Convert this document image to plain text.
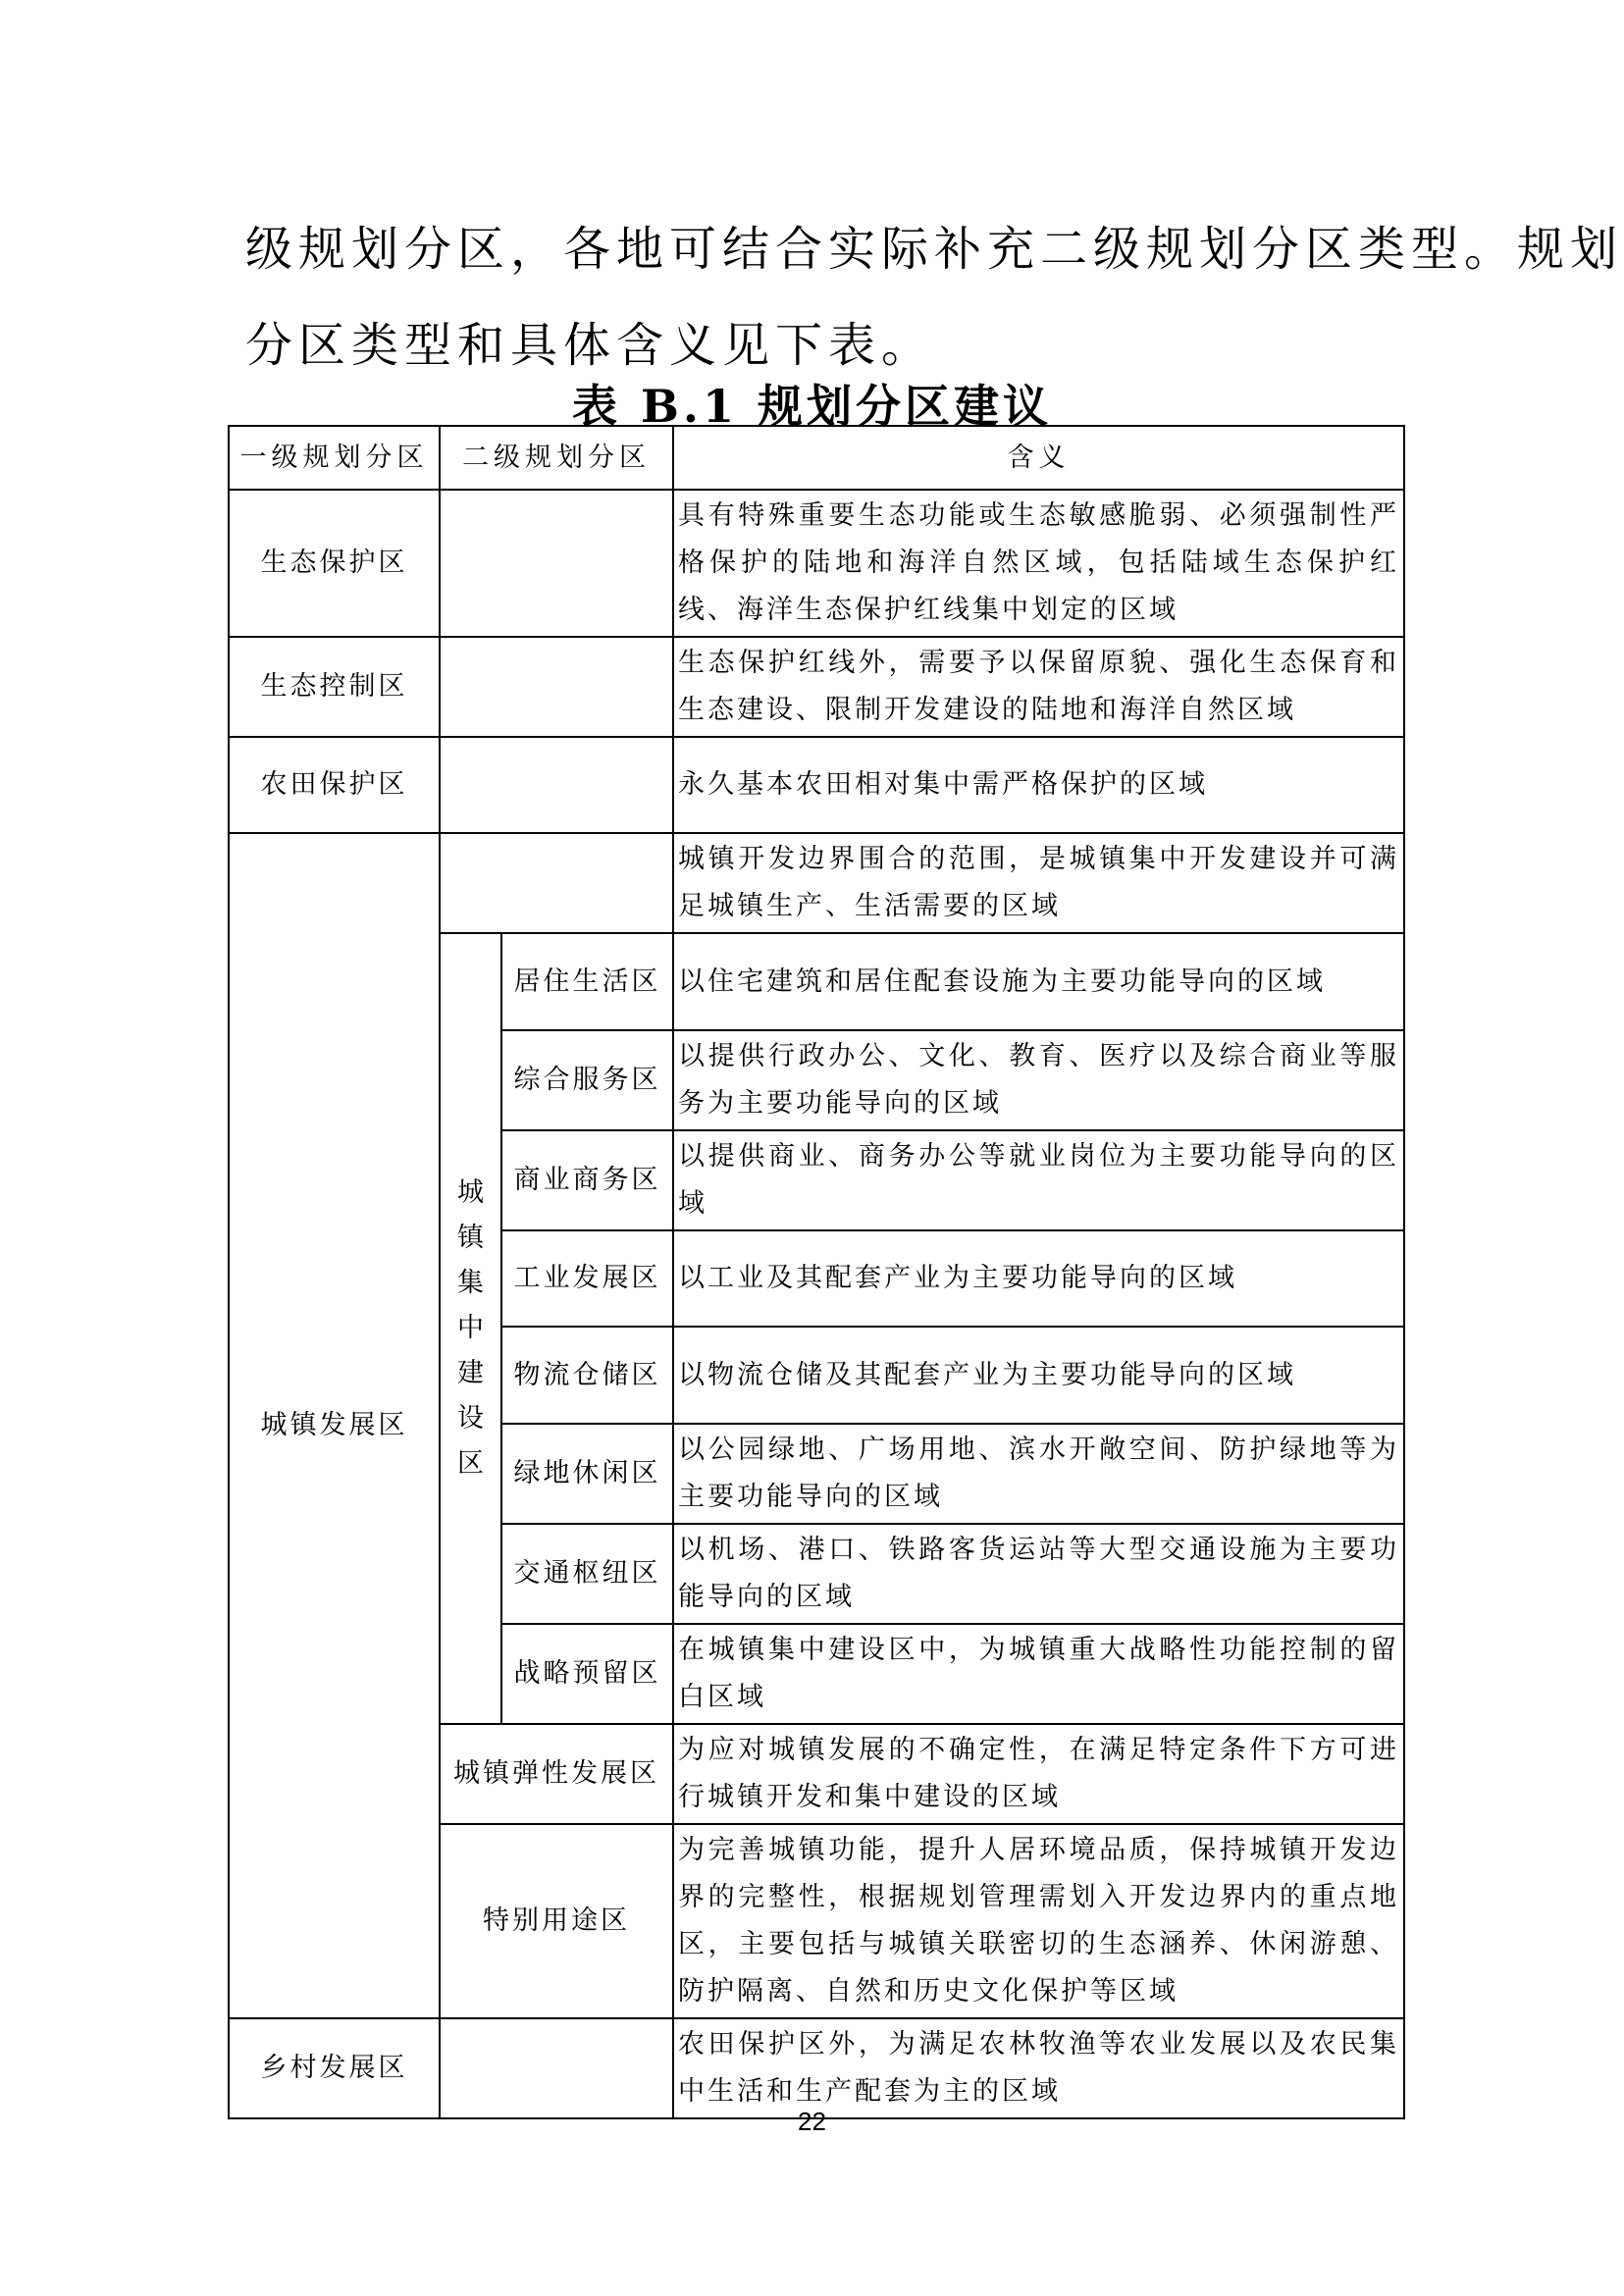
级规划分区，各地可结合实际补充二级规划分区类型。规划
分区类型和具体含义见下表。
表 B.1 规划分区建议
一级规划分区	二级规划分区		含义
生态保护区			具有特殊重要生态功能或生态敏感脆弱、必须强制性严格保护的陆地和海洋自然区域，包括陆域生态保护红线、海洋生态保护红线集中划定的区域
生态控制区			生态保护红线外，需要予以保留原貌、强化生态保育和生态建设、限制开发建设的陆地和海洋自然区域
农田保护区			永久基本农田相对集中需严格保护的区域
城镇发展区			城镇开发边界围合的范围，是城镇集中开发建设并可满足城镇生产、生活需要的区域
	城镇集中建设区	居住生活区	以住宅建筑和居住配套设施为主要功能导向的区域
		综合服务区	以提供行政办公、文化、教育、医疗以及综合商业等服务为主要功能导向的区域
		商业商务区	以提供商业、商务办公等就业岗位为主要功能导向的区域
		工业发展区	以工业及其配套产业为主要功能导向的区域
		物流仓储区	以物流仓储及其配套产业为主要功能导向的区域
		绿地休闲区	以公园绿地、广场用地、滨水开敞空间、防护绿地等为主要功能导向的区域
		交通枢纽区	以机场、港口、铁路客货运站等大型交通设施为主要功能导向的区域
		战略预留区	在城镇集中建设区中，为城镇重大战略性功能控制的留白区域
	城镇弹性发展区		为应对城镇发展的不确定性，在满足特定条件下方可进行城镇开发和集中建设的区域
	特别用途区		为完善城镇功能，提升人居环境品质，保持城镇开发边界的完整性，根据规划管理需划入开发边界内的重点地区，主要包括与城镇关联密切的生态涵养、休闲游憩、防护隔离、自然和历史文化保护等区域
乡村发展区			农田保护区外，为满足农林牧渔等农业发展以及农民集中生活和生产配套为主的区域
22
